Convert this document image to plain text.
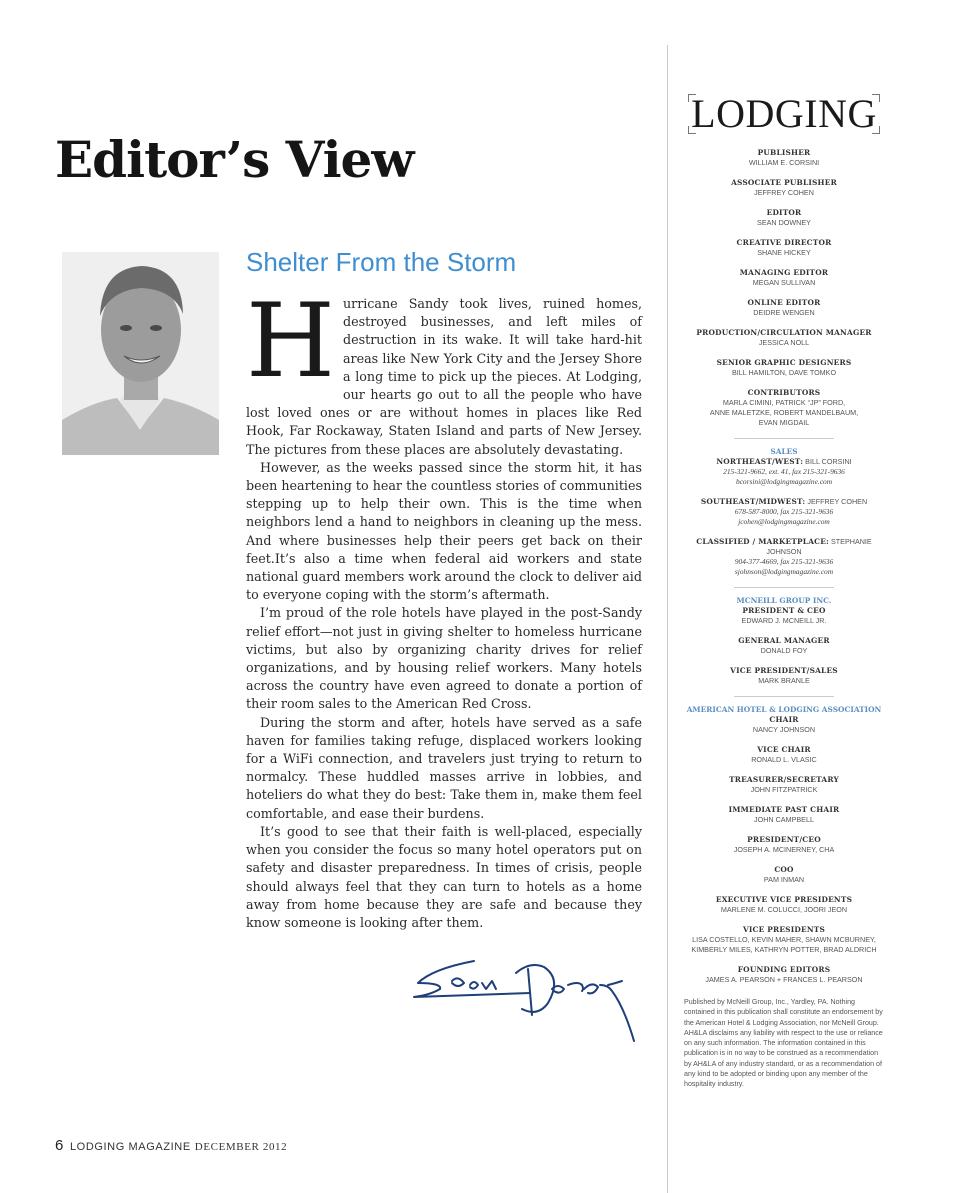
Editor’s View
Shelter From the Storm

Hurricane Sandy took lives, ruined homes, destroyed businesses, and left miles of destruction in its wake. It will take hard-hit areas like New York City and the Jersey Shore a long time to pick up the pieces. At Lodging, our hearts go out to all the people who have lost loved ones or are without homes in places like Red Hook, Far Rockaway, Staten Island and parts of New Jersey. The pictures from these places are absolutely devastating.

However, as the weeks passed since the storm hit, it has been heartening to hear the countless stories of communities stepping up to help their own. This is the time when neighbors lend a hand to neighbors in cleaning up the mess. And where businesses help their peers get back on their feet.It’s also a time when federal aid workers and state national guard members work around the clock to deliver aid to everyone coping with the storm’s aftermath.

I’m proud of the role hotels have played in the post-Sandy relief effort—not just in giving shelter to homeless hurricane victims, but also by organizing charity drives for relief organizations, and by housing relief workers. Many hotels across the country have even agreed to donate a portion of their room sales to the American Red Cross.

During the storm and after, hotels have served as a safe haven for families taking refuge, displaced workers looking for a WiFi connection, and travelers just trying to return to normalcy. These huddled masses arrive in lobbies, and hoteliers do what they do best: Take them in, make them feel comfortable, and ease their burdens.

It’s good to see that their faith is well-placed, especially when you consider the focus so many hotel operators put on safety and disaster preparedness. In times of crisis, people should always feel that they can turn to hotels as a home away from home because they are safe and because they know someone is looking after them.

6 LODGING MAGAZINE DECEMBER 2012
LODGING
PUBLISHER
WILLIAM E. CORSINI
ASSOCIATE PUBLISHER
JEFFREY COHEN
EDITOR
SEAN DOWNEY
CREATIVE DIRECTOR
SHANE HICKEY
MANAGING EDITOR
MEGAN SULLIVAN
ONLINE EDITOR
DEIDRE WENGEN
PRODUCTION/CIRCULATION MANAGER
JESSICA NOLL
SENIOR GRAPHIC DESIGNERS
BILL HAMILTON, DAVE TOMKO
CONTRIBUTORS
MARLA CIMINI, PATRICK “JP” FORD,
ANNE MALETZKE, ROBERT MANDELBAUM,
EVAN MIGDAIL
SALES
NORTHEAST/WEST: BILL CORSINI
215-321-9662, ext. 41, fax 215-321-9636
bcorsini@lodgingmagazine.com
SOUTHEAST/MIDWEST: JEFFREY COHEN
678-587-8000, fax 215-321-9636
jcohen@lodgingmagazine.com
CLASSIFIED / MARKETPLACE: STEPHANIE JOHNSON
904-377-4669, fax 215-321-9636
sjohnson@lodgingmagazine.com
MCNEILL GROUP INC.
PRESIDENT & CEO
EDWARD J. MCNEILL JR.
GENERAL MANAGER
DONALD FOY
VICE PRESIDENT/SALES
MARK BRANLE
AMERICAN HOTEL & LODGING ASSOCIATION
CHAIR
NANCY JOHNSON
VICE CHAIR
RONALD L. VLASIC
TREASURER/SECRETARY
JOHN FITZPATRICK
IMMEDIATE PAST CHAIR
JOHN CAMPBELL
PRESIDENT/CEO
JOSEPH A. MCINERNEY, CHA
COO
PAM INMAN
EXECUTIVE VICE PRESIDENTS
MARLENE M. COLUCCI, JOORI JEON
VICE PRESIDENTS
LISA COSTELLO, KEVIN MAHER, SHAWN MCBURNEY,
KIMBERLY MILES, KATHRYN POTTER, BRAD ALDRICH
FOUNDING EDITORS
JAMES A. PEARSON + FRANCES L. PEARSON
Published by McNeill Group, Inc., Yardley, PA. Nothing contained in this publication shall constitute an endorsement by the American Hotel & Lodging Association, nor McNeill Group. AH&LA disclaims any liability with respect to the use or reliance on any such information. The information contained in this publication is in no way to be construed as a recommendation by AH&LA of any industry standard, or as a recommendation of any kind to be adopted or binding upon any member of the hospitality industry.
